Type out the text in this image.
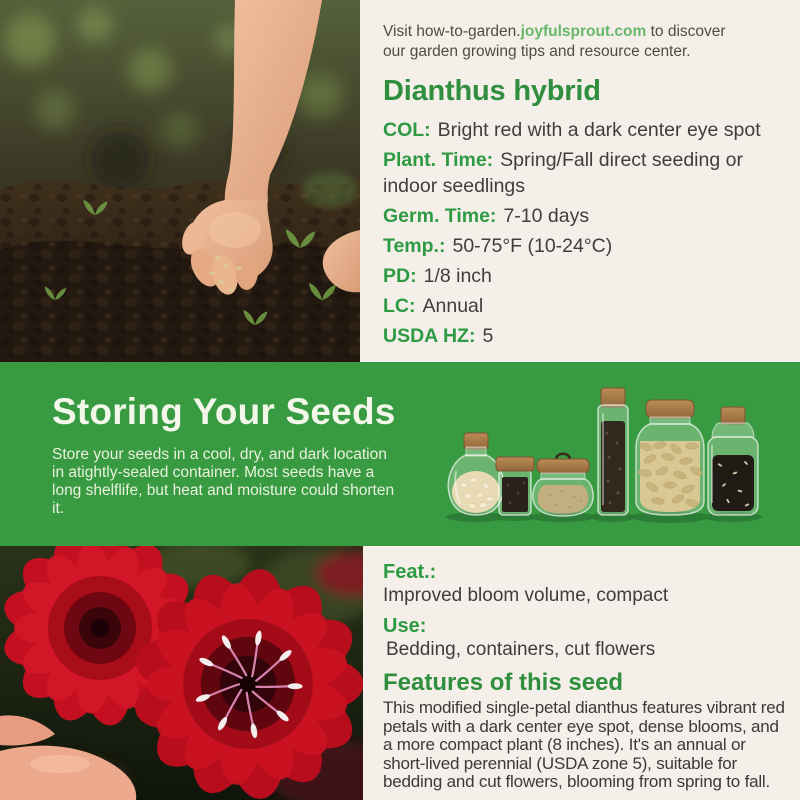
Visit how-to-garden.joyfulsprout.com to discover our garden growing tips and resource center.

Dianthus hybrid
COL: Bright red with a dark center eye spot
Plant. Time: Spring/Fall direct seeding or indoor seedlings
Germ. Time: 7-10 days
Temp.: 50-75°F (10-24°C)
PD: 1/8 inch
LC: Annual
USDA HZ: 5
Storing Your Seeds

Store your seeds in a cool, dry, and dark location in atightly-sealed container. Most seeds have a long shelflife, but heat and moisture could shorten it.

Feat.:
Improved bloom volume, compact
Use:
Bedding, containers, cut flowers
Features of this seed

This modified single-petal dianthus features vibrant red petals with a dark center eye spot, dense blooms, and a more compact plant (8 inches). It's an annual or short-lived perennial (USDA zone 5), suitable for bedding and cut flowers, blooming from spring to fall.
